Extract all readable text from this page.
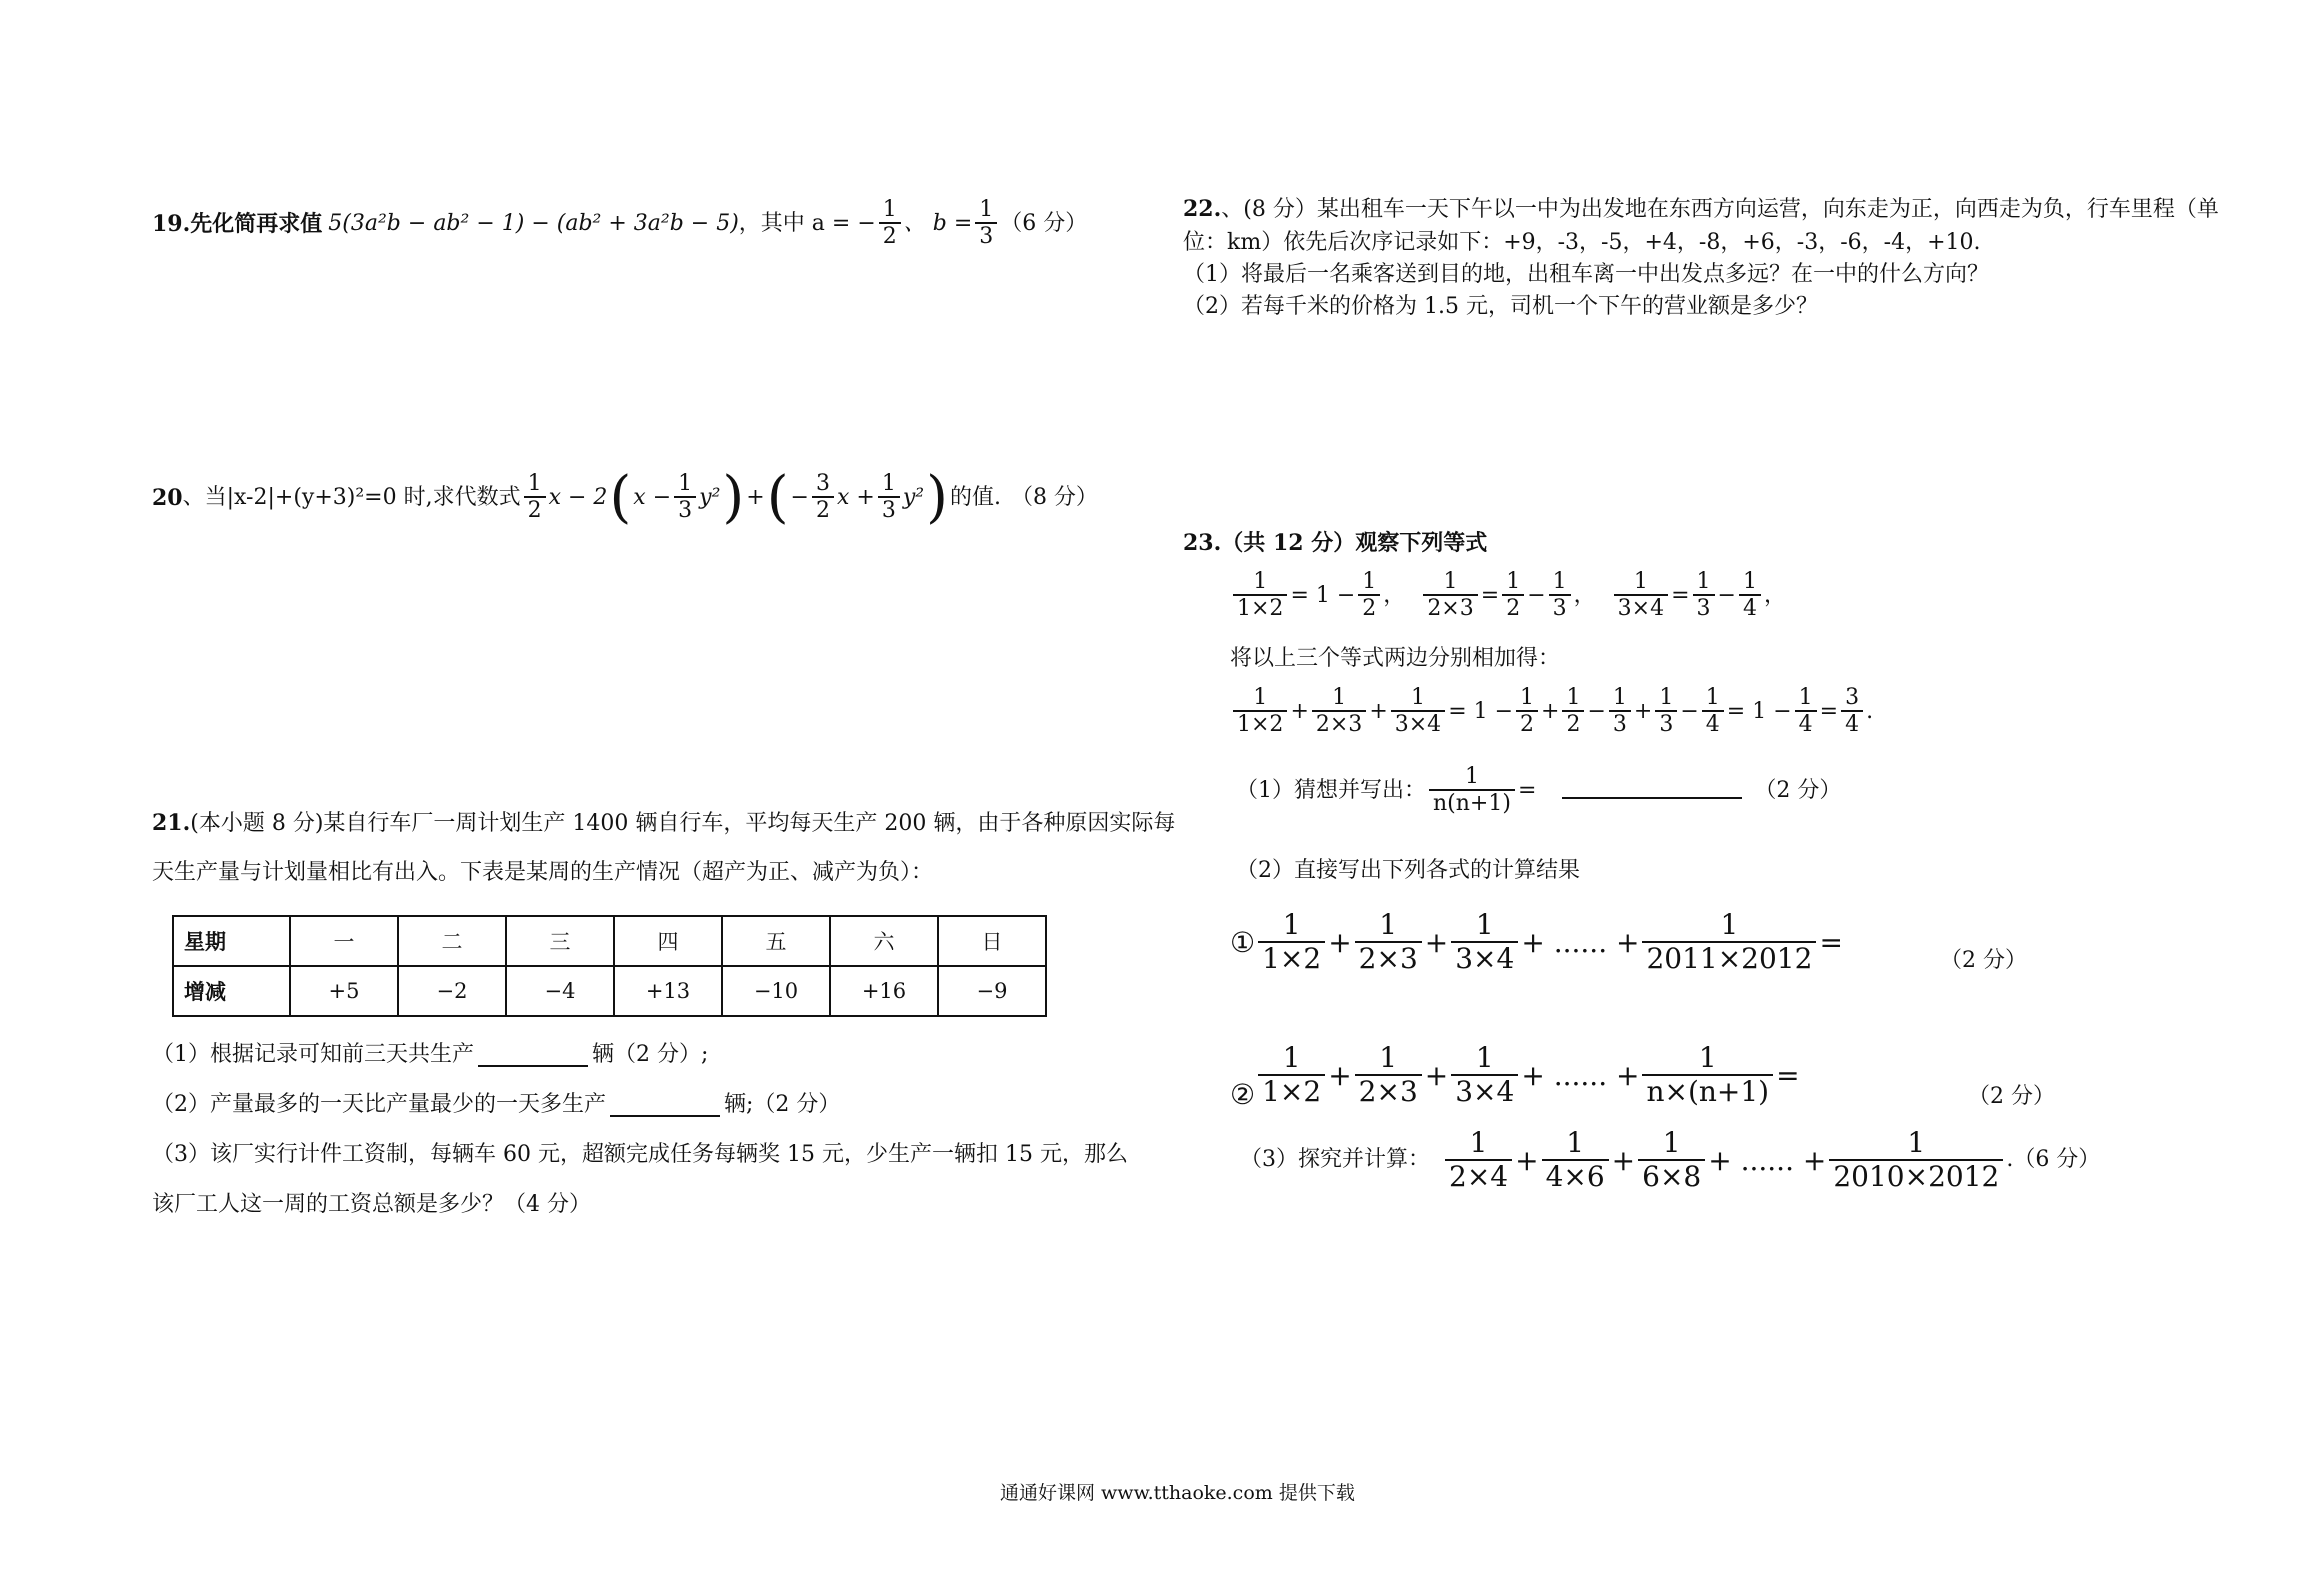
19. 先化简再求值 5(3a²b − ab² − 1) − (ab² + 3a²b − 5) ，其中 a = − $\frac{1}{2}$ 、 $b = \frac{1}{3} (6$ 分）
20 、当|x-2|+(y+3)²=0 时,求代数式 $\frac{1}{2}$ x − 2 ( $x - \frac{1}{3} y^2$ ) + ( − $\frac{3}{2}$ $x + \frac{1}{3} y^2$ ) 的值. （8 分）
21.(本小题 8 分)某自行车厂一周计划生产 1400 辆自行车，平均每天生产 200 辆，由于各种原因实际每
天生产量与计划量相比有出入。下表是某周的生产情况（超产为正、减产为负）：
星期	一	二	三	四	五	六	日
增减	+5	−2	−4	+13	−10	+16	−9
（1）根据记录可知前三天共生产	辆（2 分）;
（2）产量最多的一天比产量最少的一天多生产	辆;（2 分）
（3）该厂实行计件工资制，每辆车 60 元，超额完成任务每辆奖 15 元，少生产一辆扣 15 元，那么
该厂工人这一周的工资总额是多少？（4 分）
22.、(8 分）某出租车一天下午以一中为出发地在东西方向运营，向东走为正，向西走为负，行车里程（单
位：km）依先后次序记录如下：+9，-3，-5，+4，-8，+6，-3，-6，-4，+10.
（1）将最后一名乘客送到目的地，出租车离一中出发点多远？在一中的什么方向？
（2）若每千米的价格为 1.5 元，司机一个下午的营业额是多少？
23.（共 12 分）观察下列等式
$\frac{1}{1\times 2} = 1 - \frac{1}{2}$ ， $\frac{1}{2\times 3} = \frac{1}{2} - \frac{1}{3}$ ， $\frac{1}{3\times 4} = \frac{1}{3} - \frac{1}{4}$ ，
将以上三个等式两边分别相加得：
$\frac{1}{1\times 2} + \frac{1}{2\times 3} + \frac{1}{3\times 4} = 1 - \frac{1}{2} + \frac{1}{2} - \frac{1}{3} + \frac{1}{3} - \frac{1}{4} = 1 - \frac{1}{4} = \frac{3}{4}$ .
（1）猜想并写出： $\frac{1}{n(n+1)}$ =	（2 分）
（2）直接写出下列各式的计算结果
① $\frac{1}{1\times 2} + \frac{1}{2\times 3} + \frac{1}{3\times 4}$ + ...... + $\frac{1}{2011\times 2012}$ =
（2 分）
② $\frac{1}{1\times 2} + \frac{1}{2\times 3} + \frac{1}{3\times 4}$ + ...... + $\frac{1}{n\times(n+1)}$ =
（2 分）
（3）探究并计算： $\frac{1}{2\times 4} + \frac{1}{4\times 6} + \frac{1}{6\times 8}$ + ...... + $\frac{1}{2010\times 2012} .(6$ 分）
通通好课网 www.tthaoke.com 提供下载
